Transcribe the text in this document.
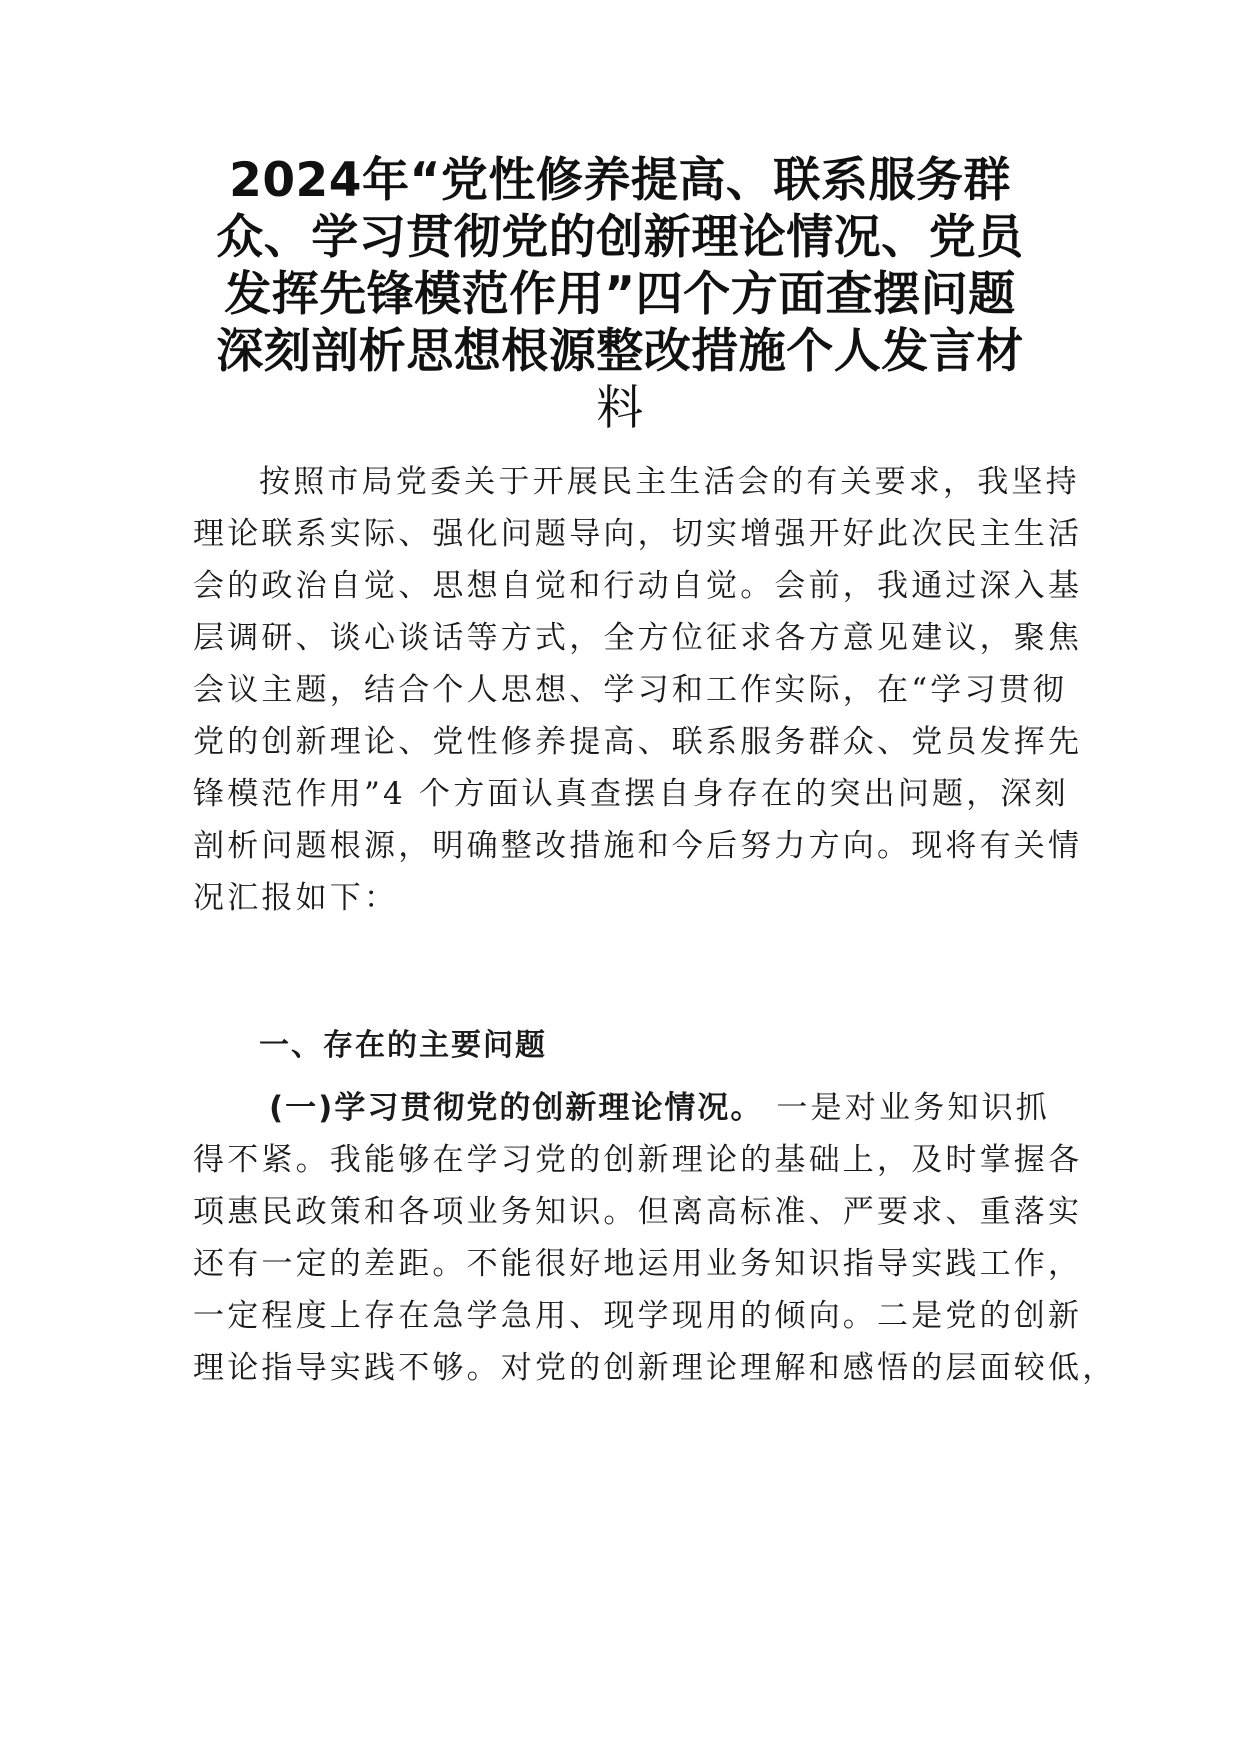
2024年“党性修养提高、联系服务群
众、学习贯彻党的创新理论情况、党员
发挥先锋模范作用”四个方面查摆问题
深刻剖析思想根源整改措施个人发言材
料

按照市局党委关于开展民主生活会的有关要求，我坚持
理论联系实际、强化问题导向，切实增强开好此次民主生活
会的政治自觉、思想自觉和行动自觉。会前，我通过深入基
层调研、谈心谈话等方式，全方位征求各方意见建议，聚焦
会议主题，结合个人思想、学习和工作实际，在“学习贯彻
党的创新理论、党性修养提高、联系服务群众、党员发挥先
锋模范作用”4 个方面认真查摆自身存在的突出问题，深刻
剖析问题根源，明确整改措施和今后努力方向。现将有关情
况汇报如下：

一、存在的主要问题

(一)学习贯彻党的创新理论情况。 一是对业务知识抓
得不紧。我能够在学习党的创新理论的基础上，及时掌握各
项惠民政策和各项业务知识。但离高标准、严要求、重落实
还有一定的差距。不能很好地运用业务知识指导实践工作，
一定程度上存在急学急用、现学现用的倾向。二是党的创新
理论指导实践不够。对党的创新理论理解和感悟的层面较低，
